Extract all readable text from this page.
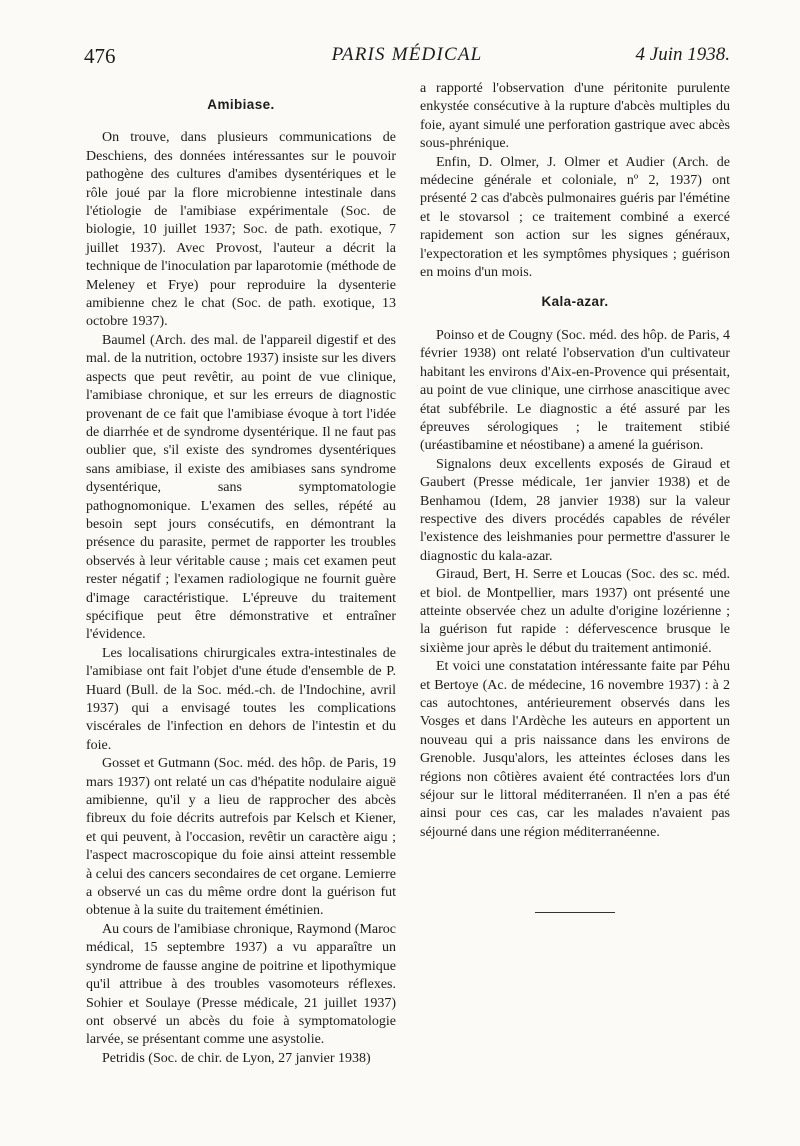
476	PARIS MÉDICAL	4 Juin 1938.
Amibiase.

On trouve, dans plusieurs communications de Deschiens, des données intéressantes sur le pouvoir pathogène des cultures d'amibes dysentériques et le rôle joué par la flore microbienne intestinale dans l'étiologie de l'amibiase expérimentale (Soc. de biologie, 10 juillet 1937; Soc. de path. exotique, 7 juillet 1937). Avec Provost, l'auteur a décrit la technique de l'inoculation par laparotomie (méthode de Meleney et Frye) pour reproduire la dysenterie amibienne chez le chat (Soc. de path. exotique, 13 octobre 1937).

Baumel (Arch. des mal. de l'appareil digestif et des mal. de la nutrition, octobre 1937) insiste sur les divers aspects que peut revêtir, au point de vue clinique, l'amibiase chronique, et sur les erreurs de diagnostic provenant de ce fait que l'amibiase évoque à tort l'idée de diarrhée et de syndrome dysentérique. Il ne faut pas oublier que, s'il existe des syndromes dysentériques sans amibiase, il existe des amibiases sans syndrome dysentérique, sans symptomatologie pathognomonique. L'examen des selles, répété au besoin sept jours consécutifs, en démontrant la présence du parasite, permet de rapporter les troubles observés à leur véritable cause ; mais cet examen peut rester négatif ; l'examen radiologique ne fournit guère d'image caractéristique. L'épreuve du traitement spécifique peut être démonstrative et entraîner l'évidence.

Les localisations chirurgicales extra-intestinales de l'amibiase ont fait l'objet d'une étude d'ensemble de P. Huard (Bull. de la Soc. méd.-ch. de l'Indochine, avril 1937) qui a envisagé toutes les complications viscérales de l'infection en dehors de l'intestin et du foie.

Gosset et Gutmann (Soc. méd. des hôp. de Paris, 19 mars 1937) ont relaté un cas d'hépatite nodulaire aiguë amibienne, qu'il y a lieu de rapprocher des abcès fibreux du foie décrits autrefois par Kelsch et Kiener, et qui peuvent, à l'occasion, revêtir un caractère aigu ; l'aspect macroscopique du foie ainsi atteint ressemble à celui des cancers secondaires de cet organe. Lemierre a observé un cas du même ordre dont la guérison fut obtenue à la suite du traitement émétinien.

Au cours de l'amibiase chronique, Raymond (Maroc médical, 15 septembre 1937) a vu apparaître un syndrome de fausse angine de poitrine et lipothymique qu'il attribue à des troubles vasomoteurs réflexes. Sohier et Soulaye (Presse médicale, 21 juillet 1937) ont observé un abcès du foie à symptomatologie larvée, se présentant comme une asystolie.

Petridis (Soc. de chir. de Lyon, 27 janvier 1938)

a rapporté l'observation d'une péritonite purulente enkystée consécutive à la rupture d'abcès multiples du foie, ayant simulé une perforation gastrique avec abcès sous-phrénique.

Enfin, D. Olmer, J. Olmer et Audier (Arch. de médecine générale et coloniale, nº 2, 1937) ont présenté 2 cas d'abcès pulmonaires guéris par l'émétine et le stovarsol ; ce traitement combiné a exercé rapidement son action sur les signes généraux, l'expectoration et les symptômes physiques ; guérison en moins d'un mois.

Kala-azar.

Poinso et de Cougny (Soc. méd. des hôp. de Paris, 4 février 1938) ont relaté l'observation d'un cultivateur habitant les environs d'Aix-en-Provence qui présentait, au point de vue clinique, une cirrhose anascitique avec état subfébrile. Le diagnostic a été assuré par les épreuves sérologiques ; le traitement stibié (uréastibamine et néostibane) a amené la guérison.

Signalons deux excellents exposés de Giraud et Gaubert (Presse médicale, 1er janvier 1938) et de Benhamou (Idem, 28 janvier 1938) sur la valeur respective des divers procédés capables de révéler l'existence des leishmanies pour permettre d'assurer le diagnostic du kala-azar.

Giraud, Bert, H. Serre et Loucas (Soc. des sc. méd. et biol. de Montpellier, mars 1937) ont présenté une atteinte observée chez un adulte d'origine lozérienne ; la guérison fut rapide : défervescence brusque le sixième jour après le début du traitement antimonié.

Et voici une constatation intéressante faite par Péhu et Bertoye (Ac. de médecine, 16 novembre 1937) : à 2 cas autochtones, antérieurement observés dans les Vosges et dans l'Ardèche les auteurs en apportent un nouveau qui a pris naissance dans les environs de Grenoble. Jusqu'alors, les atteintes écloses dans les régions non côtières avaient été contractées lors d'un séjour sur le littoral méditerranéen. Il n'en a pas été ainsi pour ces cas, car les malades n'avaient pas séjourné dans une région méditerranéenne.
